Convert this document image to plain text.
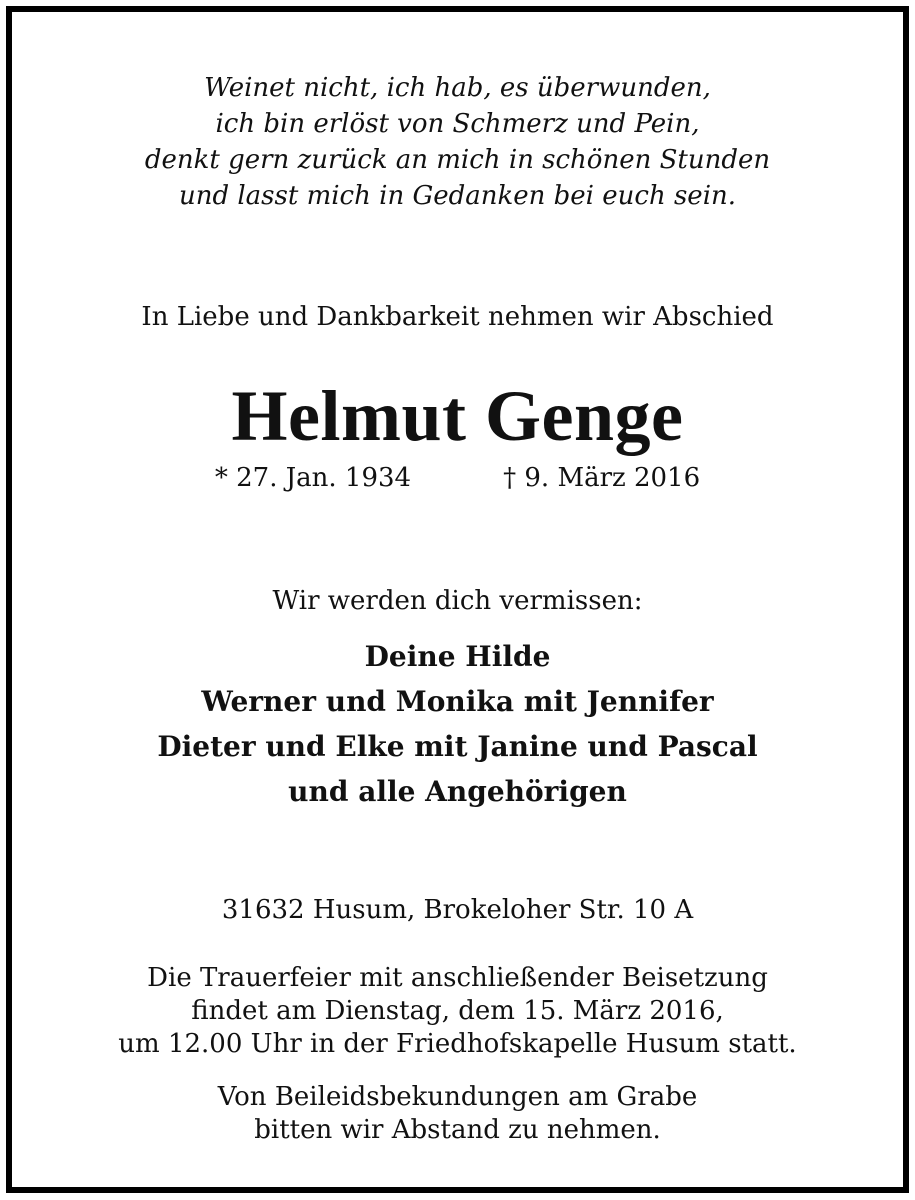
Weinet nicht, ich hab, es überwunden,
ich bin erlöst von Schmerz und Pein,
denkt gern zurück an mich in schönen Stunden
und lasst mich in Gedanken bei euch sein.
In Liebe und Dankbarkeit nehmen wir Abschied
Helmut Genge
* 27. Jan. 1934	† 9. März 2016
Wir werden dich vermissen:
Deine Hilde
Werner und Monika mit Jennifer
Dieter und Elke mit Janine und Pascal
und alle Angehörigen
31632 Husum, Brokeloher Str. 10 A
Die Trauerfeier mit anschließender Beisetzung
findet am Dienstag, dem 15. März 2016,
um 12.00 Uhr in der Friedhofskapelle Husum statt.
Von Beileidsbekundungen am Grabe
bitten wir Abstand zu nehmen.
